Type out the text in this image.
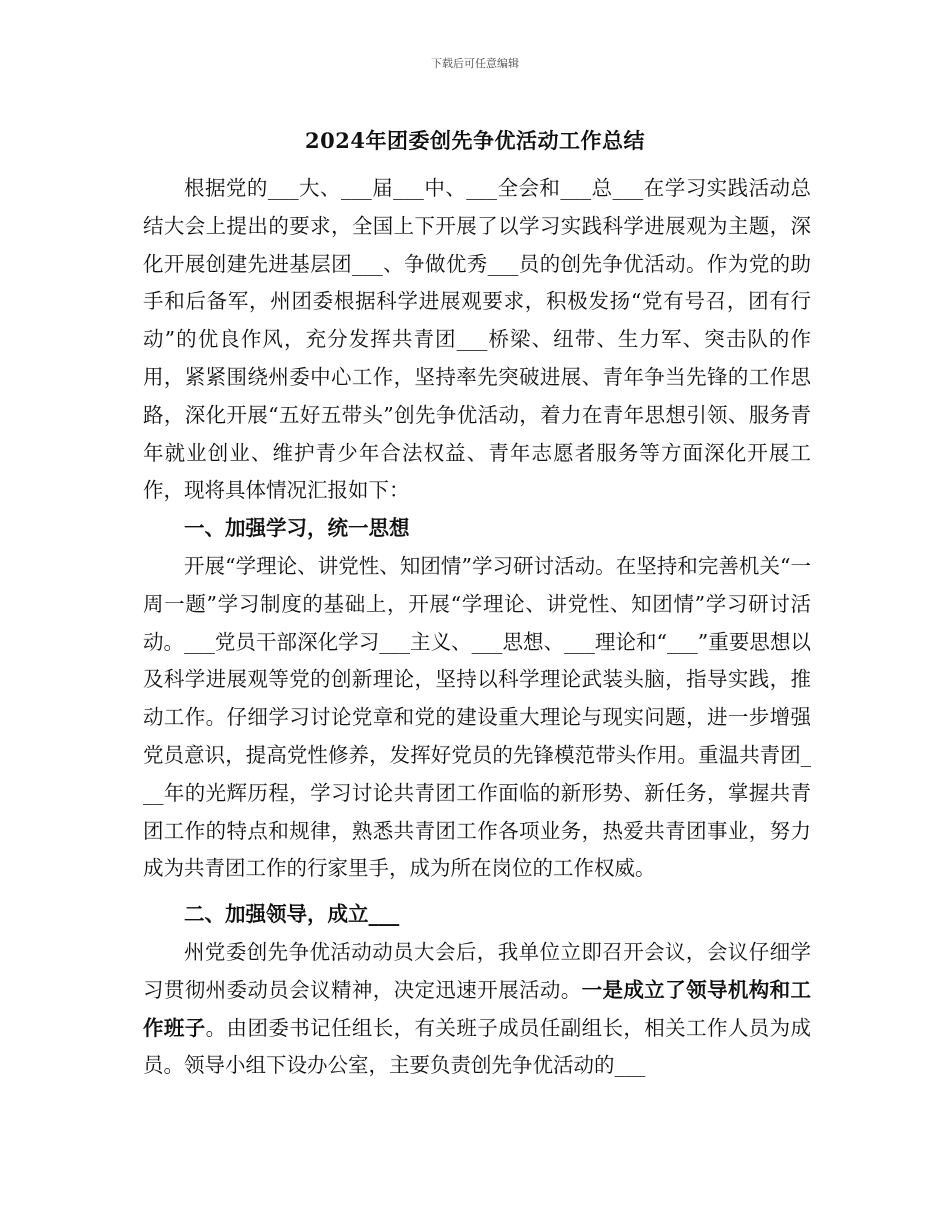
下载后可任意编辑
2024年团委创先争优活动工作总结

根据党的___大、___届___中、___全会和___总___在学习实践活动总结大会上提出的要求，全国上下开展了以学习实践科学进展观为主题，深化开展创建先进基层团___、争做优秀___员的创先争优活动。作为党的助手和后备军，州团委根据科学进展观要求，积极发扬“党有号召，团有行动”的优良作风，充分发挥共青团___桥梁、纽带、生力军、突击队的作用，紧紧围绕州委中心工作，坚持率先突破进展、青年争当先锋的工作思路，深化开展“五好五带头”创先争优活动，着力在青年思想引领、服务青年就业创业、维护青少年合法权益、青年志愿者服务等方面深化开展工作，现将具体情况汇报如下：

一、加强学习，统一思想

开展“学理论、讲党性、知团情”学习研讨活动。在坚持和完善机关“一周一题”学习制度的基础上，开展“学理论、讲党性、知团情”学习研讨活动。___党员干部深化学习___主义、___思想、___理论和“___”重要思想以及科学进展观等党的创新理论，坚持以科学理论武装头脑，指导实践，推动工作。仔细学习讨论党章和党的建设重大理论与现实问题，进一步增强党员意识，提高党性修养，发挥好党员的先锋模范带头作用。重温共青团___年的光辉历程，学习讨论共青团工作面临的新形势、新任务，掌握共青团工作的特点和规律，熟悉共青团工作各项业务，热爱共青团事业，努力成为共青团工作的行家里手，成为所在岗位的工作权威。

二、加强领导，成立___

州党委创先争优活动动员大会后，我单位立即召开会议，会议仔细学习贯彻州委动员会议精神，决定迅速开展活动。一是成立了领导机构和工作班子。由团委书记任组长，有关班子成员任副组长，相关工作人员为成员。领导小组下设办公室，主要负责创先争优活动的___
